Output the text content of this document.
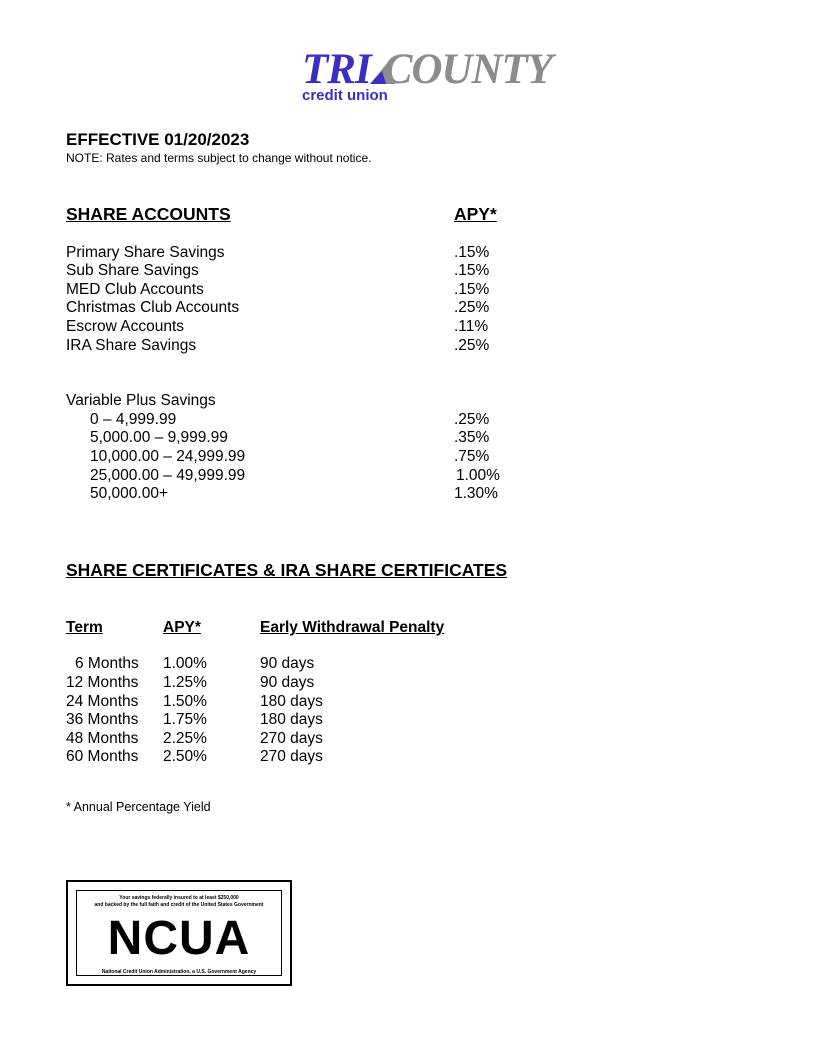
TRI COUNTY
credit union
EFFECTIVE 01/20/2023
NOTE: Rates and terms subject to change without notice.
SHARE ACCOUNTS	APY*
Primary Share Savings	.15%
Sub Share Savings	.15%
MED Club Accounts	.15%
Christmas Club Accounts	.25%
Escrow Accounts	.11%
IRA Share Savings	.25%
Variable Plus Savings
0 – 4,999.99	.25%
5,000.00 – 9,999.99	.35%
10,000.00 – 24,999.99	.75%
25,000.00 – 49,999.99	1.00%
50,000.00+	1.30%
SHARE CERTIFICATES & IRA SHARE CERTIFICATES
Term	APY*	Early Withdrawal Penalty
6 Months 1.00%	90 days
12 Months 1.25%	90 days
24 Months 1.50%	180 days
36 Months 1.75%	180 days
48 Months 2.25%	270 days
60 Months 2.50%	270 days
* Annual Percentage Yield
Your savings federally insured to at least $250,000
and backed by the full faith and credit of the United States Government
NCUA
National Credit Union Administration, a U.S. Government Agency
